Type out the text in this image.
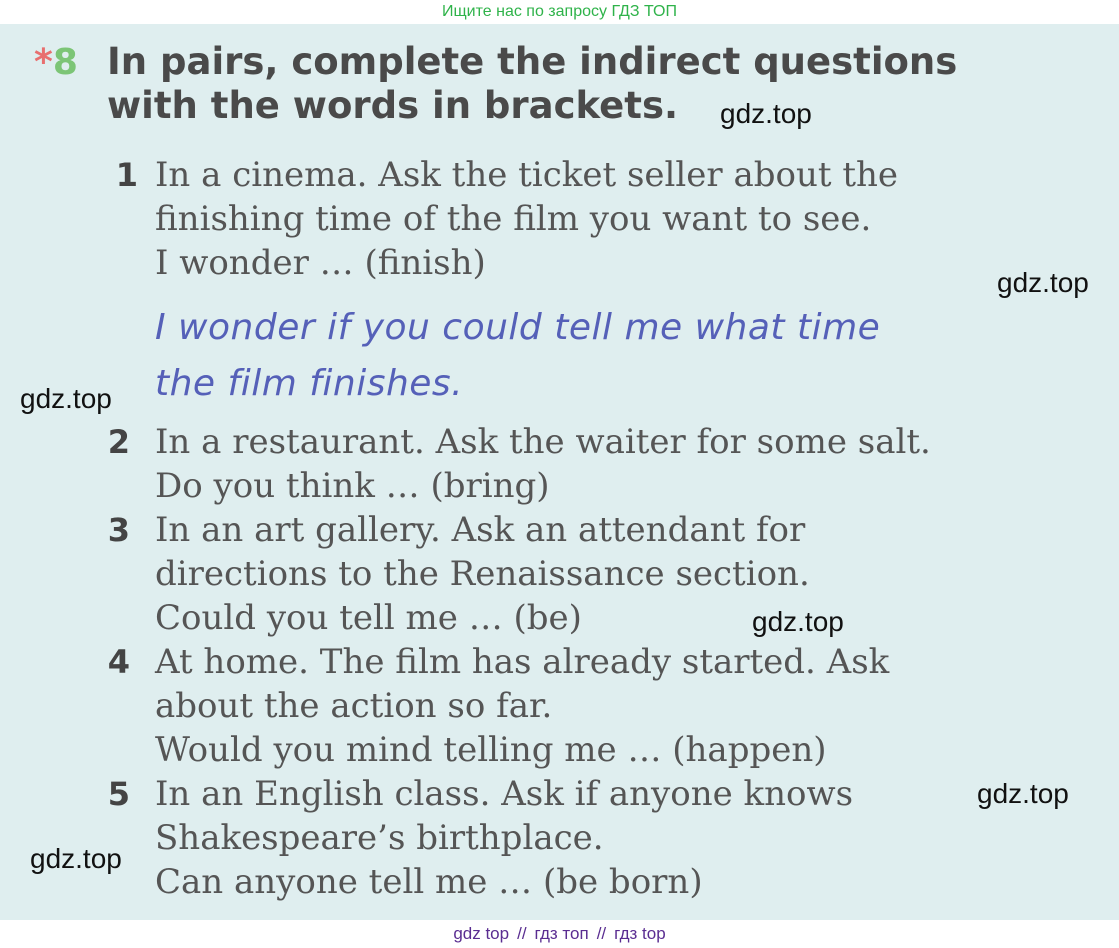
Ищите нас по запросу ГДЗ ТОП
*8 In pairs, complete the indirect questions with the words in brackets.
1 In a cinema. Ask the ticket seller about the
finishing time of the film you want to see.
I wonder … (finish)
I wonder if you could tell me what time
the film finishes.
2 In a restaurant. Ask the waiter for some salt.
Do you think … (bring)
3 In an art gallery. Ask an attendant for
directions to the Renaissance section.
Could you tell me … (be)
4 At home. The film has already started. Ask
about the action so far.
Would you mind telling me … (happen)
5 In an English class. Ask if anyone knows
Shakespeare’s birthplace.
Can anyone tell me … (be born)
gdz.top
gdz.top
gdz.top
gdz.top
gdz.top
gdz.top
gdz top // гдз топ // гдз top
